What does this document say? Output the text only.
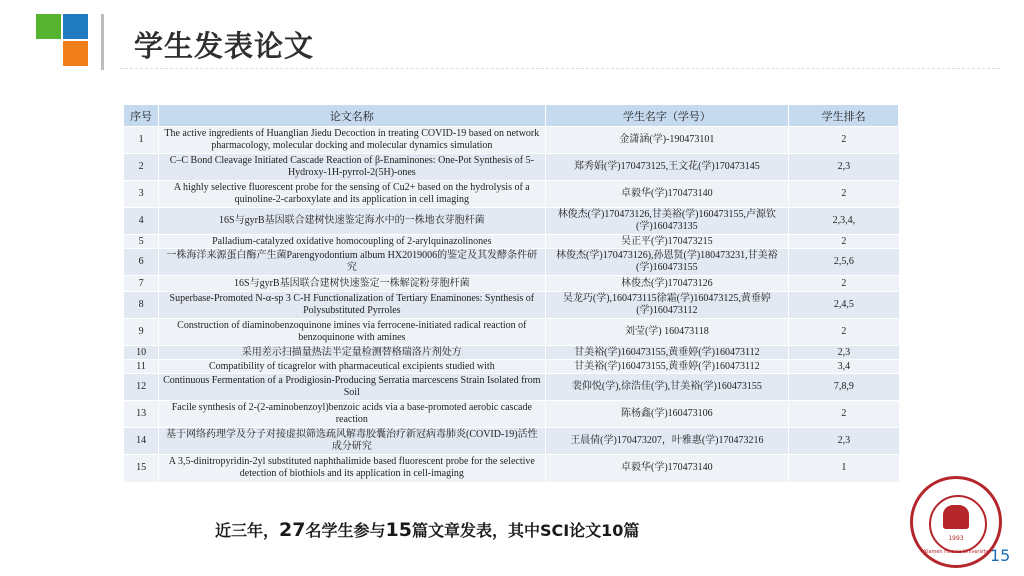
学生发表论文
序号	论文名称	学生名字（学号）	学生排名
1	The active ingredients of Huanglian Jiedu Decoction in treating COVID-19 based on network pharmacology, molecular docking and molecular dynamics simulation	金潇涵(学)-190473101	2
2	C–C Bond Cleavage Initiated Cascade Reaction of β-Enaminones: One-Pot Synthesis of 5-Hydroxy-1H-pyrrol-2(5H)-ones	郑秀娟(学)170473125,王文花(学)170473145	2,3
3	A highly selective fluorescent probe for the sensing of Cu2+ based on the hydrolysis of a quinoline-2-carboxylate and its application in cell imaging	卓毅华(学)170473140	2
4	16S与gyrB基因联合建树快速鉴定海水中的一株地衣芽胞杆菌	林俊杰(学)170473126,甘美裕(学)160473155,卢源钦(学)160473135	2,3,4,
5	Palladium-catalyzed oxidative homocoupling of 2-arylquinazolinones	吴正平(学)170473215	2
6	一株海洋来源蛋白酶产生菌Parengyodontium album HX2019006的鉴定及其发酵条件研究	林俊杰(学)170473126),孙恩贤(学)180473231,甘美裕(学)160473155	2,5,6
7	16S与gyrB基因联合建树快速鉴定一株解淀粉芽胞杆菌	林俊杰(学)170473126	2
8	Superbase-Promoted N-α-sp 3 C-H Functionalization of Tertiary Enaminones: Synthesis of Polysubstituted Pyrroles	吴龙巧(学),160473115徐霜(学)160473125,黄垂婷(学)160473112	2,4,5
9	Construction of diaminobenzoquinone imines via ferrocene-initiated radical reaction of benzoquinone with amines	刘莹(学) 160473118	2
10	采用差示扫描量热法半定量检测替格瑞洛片剂处方	甘美裕(学)160473155,黄垂婷(学)160473112	2,3
11	Compatibility of ticagrelor with pharmaceutical excipients studied with	甘美裕(学)160473155,黄垂婷(学)160473112	3,4
12	Continuous Fermentation of a Prodigiosin-Producing Serratia marcescens Strain Isolated from Soil	裴仰悦(学),徐浩佳(学),甘美裕(学)160473155	7,8,9
13	Facile synthesis of 2-(2-aminobenzoyl)benzoic acids via a base-promoted aerobic cascade reaction	陈杨鑫(学)160473106	2
14	基于网络药理学及分子对接虚拟筛选疏风解毒胶囊治疗新冠病毒肺炎(COVID-19)活性成分研究	王晨倩(学)170473207，叶雅惠(学)170473216	2,3
15	A 3,5-dinitropyridin-2yl substituted naphthalimide based fluorescent probe for the selective detection of biothiols and its application in cell-imaging	卓毅华(学)170473140	1
近三年，27名学生参与15篇文章发表，其中SCI论文10篇	1993
Xiamen Huaxia University 15
